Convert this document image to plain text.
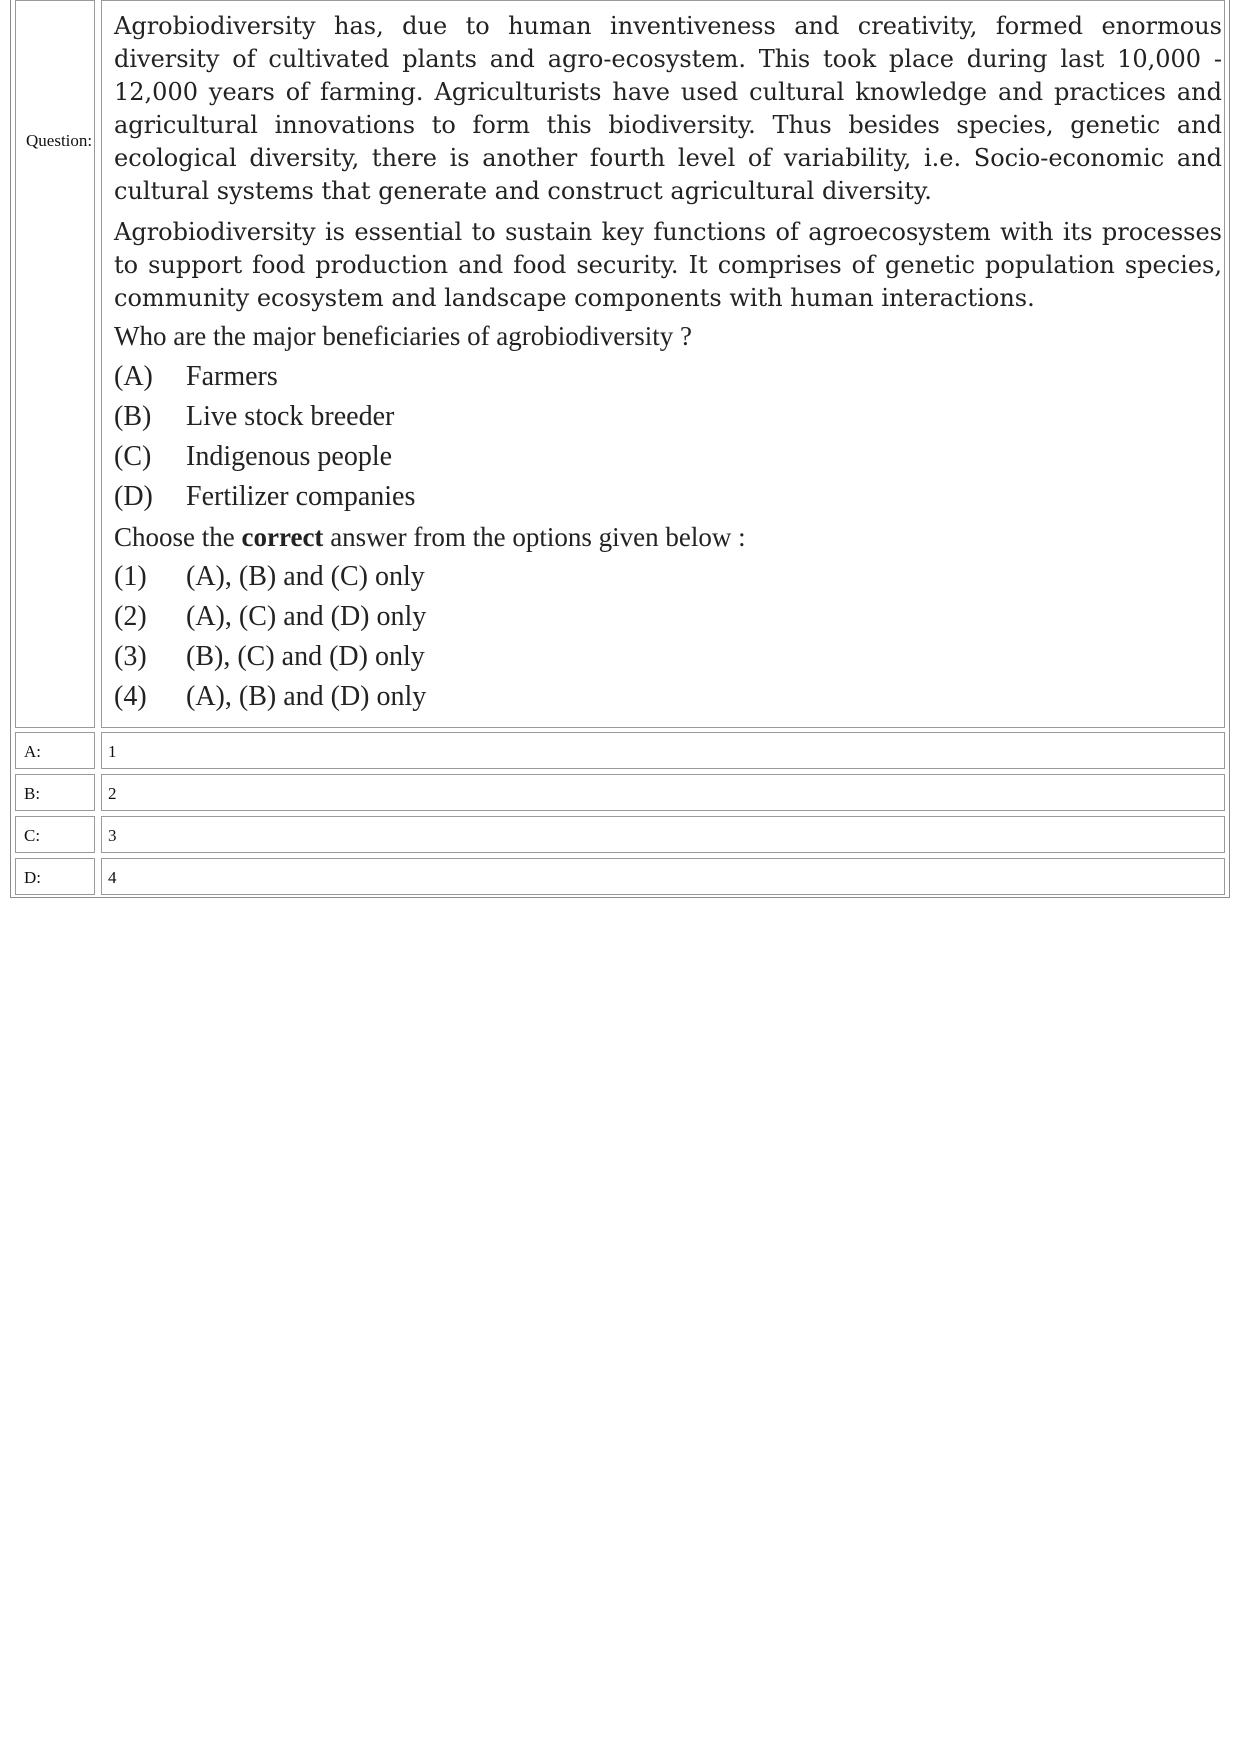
Question:

Agrobiodiversity has, due to human inventiveness and creativity, formed enormous diversity of cultivated plants and agro-ecosystem. This took place during last 10,000 - 12,000 years of farming. Agriculturists have used cultural knowledge and practices and agricultural innovations to form this biodiversity. Thus besides species, genetic and ecological diversity, there is another fourth level of variability, i.e. Socio-economic and cultural systems that generate and construct agricultural diversity.

Agrobiodiversity is essential to sustain key functions of agroecosystem with its processes to support food production and food security. It comprises of genetic population species, community ecosystem and landscape components with human interactions.

Who are the major beneficiaries of agrobiodiversity ?
(A)	Farmers
(B)	Live stock breeder
(C)	Indigenous people
(D)	Fertilizer companies
Choose the correct answer from the options given below :
(1)	(A), (B) and (C) only
(2)	(A), (C) and (D) only
(3)	(B), (C) and (D) only
(4)	(A), (B) and (D) only
A:	1
B:	2
C:	3
D:	4
